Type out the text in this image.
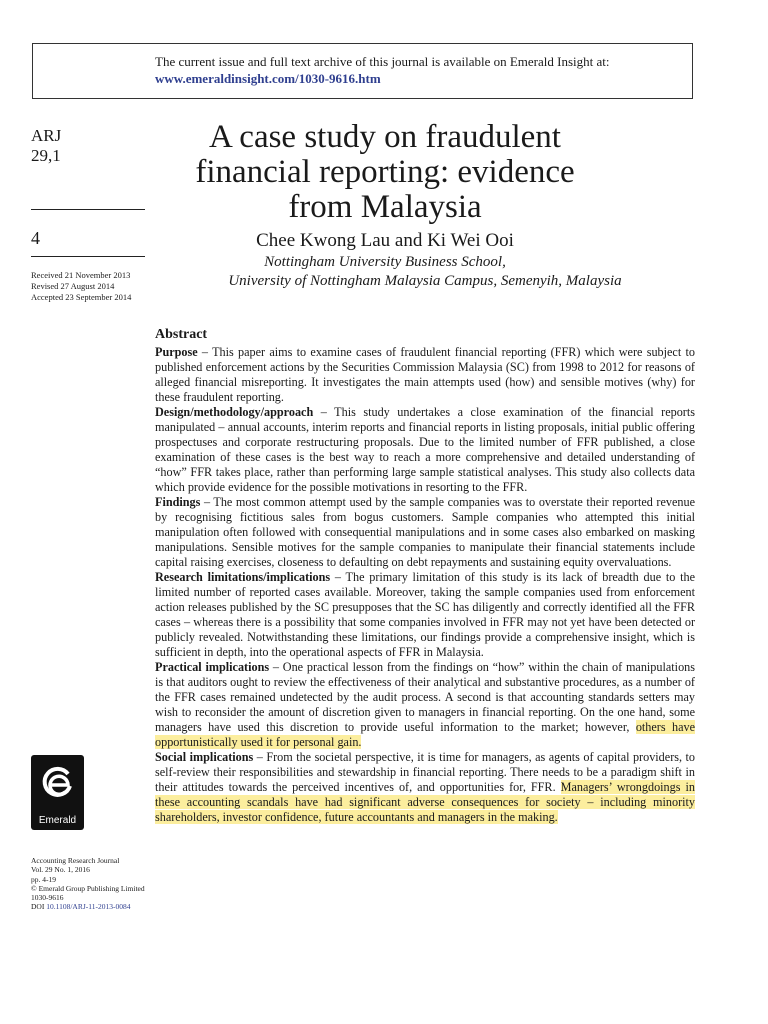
The current issue and full text archive of this journal is available on Emerald Insight at:
www.emeraldinsight.com/1030-9616.htm
ARJ
29,1
4
Received 21 November 2013
Revised 27 August 2014
Accepted 23 September 2014
A case study on fraudulent
financial reporting: evidence
from Malaysia
Chee Kwong Lau and Ki Wei Ooi
Nottingham University Business School,
University of Nottingham Malaysia Campus, Semenyih, Malaysia
Abstract

Purpose – This paper aims to examine cases of fraudulent financial reporting (FFR) which were subject to published enforcement actions by the Securities Commission Malaysia (SC) from 1998 to 2012 for reasons of alleged financial misreporting. It investigates the main attempts used (how) and sensible motives (why) for these fraudulent reporting.

Design/methodology/approach – This study undertakes a close examination of the financial reports manipulated – annual accounts, interim reports and financial reports in listing proposals, initial public offering prospectuses and corporate restructuring proposals. Due to the limited number of FFR published, a close examination of these cases is the best way to reach a more comprehensive and detailed understanding of “how” FFR takes place, rather than performing large sample statistical analyses. This study also collects data which provide evidence for the possible motivations in resorting to the FFR.

Findings – The most common attempt used by the sample companies was to overstate their reported revenue by recognising fictitious sales from bogus customers. Sample companies who attempted this initial manipulation often followed with consequential manipulations and in some cases also embarked on masking manipulations. Sensible motives for the sample companies to manipulate their financial statements include capital raising exercises, closeness to defaulting on debt repayments and sustaining equity overvaluations.

Research limitations/implications – The primary limitation of this study is its lack of breadth due to the limited number of reported cases available. Moreover, taking the sample companies used from enforcement action releases published by the SC presupposes that the SC has diligently and correctly identified all the FFR cases – whereas there is a possibility that some companies involved in FFR may not yet have been detected or publicly revealed. Notwithstanding these limitations, our findings provide a comprehensive insight, which is sufficient in depth, into the operational aspects of FFR in Malaysia.

Practical implications – One practical lesson from the findings on “how” within the chain of manipulations is that auditors ought to review the effectiveness of their analytical and substantive procedures, as a number of the FFR cases remained undetected by the audit process. A second is that accounting standards setters may wish to reconsider the amount of discretion given to managers in financial reporting. On the one hand, some managers have used this discretion to provide useful information to the market; however, others have opportunistically used it for personal gain.

Social implications – From the societal perspective, it is time for managers, as agents of capital providers, to self-review their responsibilities and stewardship in financial reporting. There needs to be a paradigm shift in their attitudes towards the perceived incentives of, and opportunities for, FFR. Managers’ wrongdoings in these accounting scandals have had significant adverse consequences for society – including minority shareholders, investor confidence, future accountants and managers in the making.

Emerald
Accounting Research Journal
Vol. 29 No. 1, 2016
pp. 4-19
© Emerald Group Publishing Limited
1030-9616
DOI 10.1108/ARJ-11-2013-0084
